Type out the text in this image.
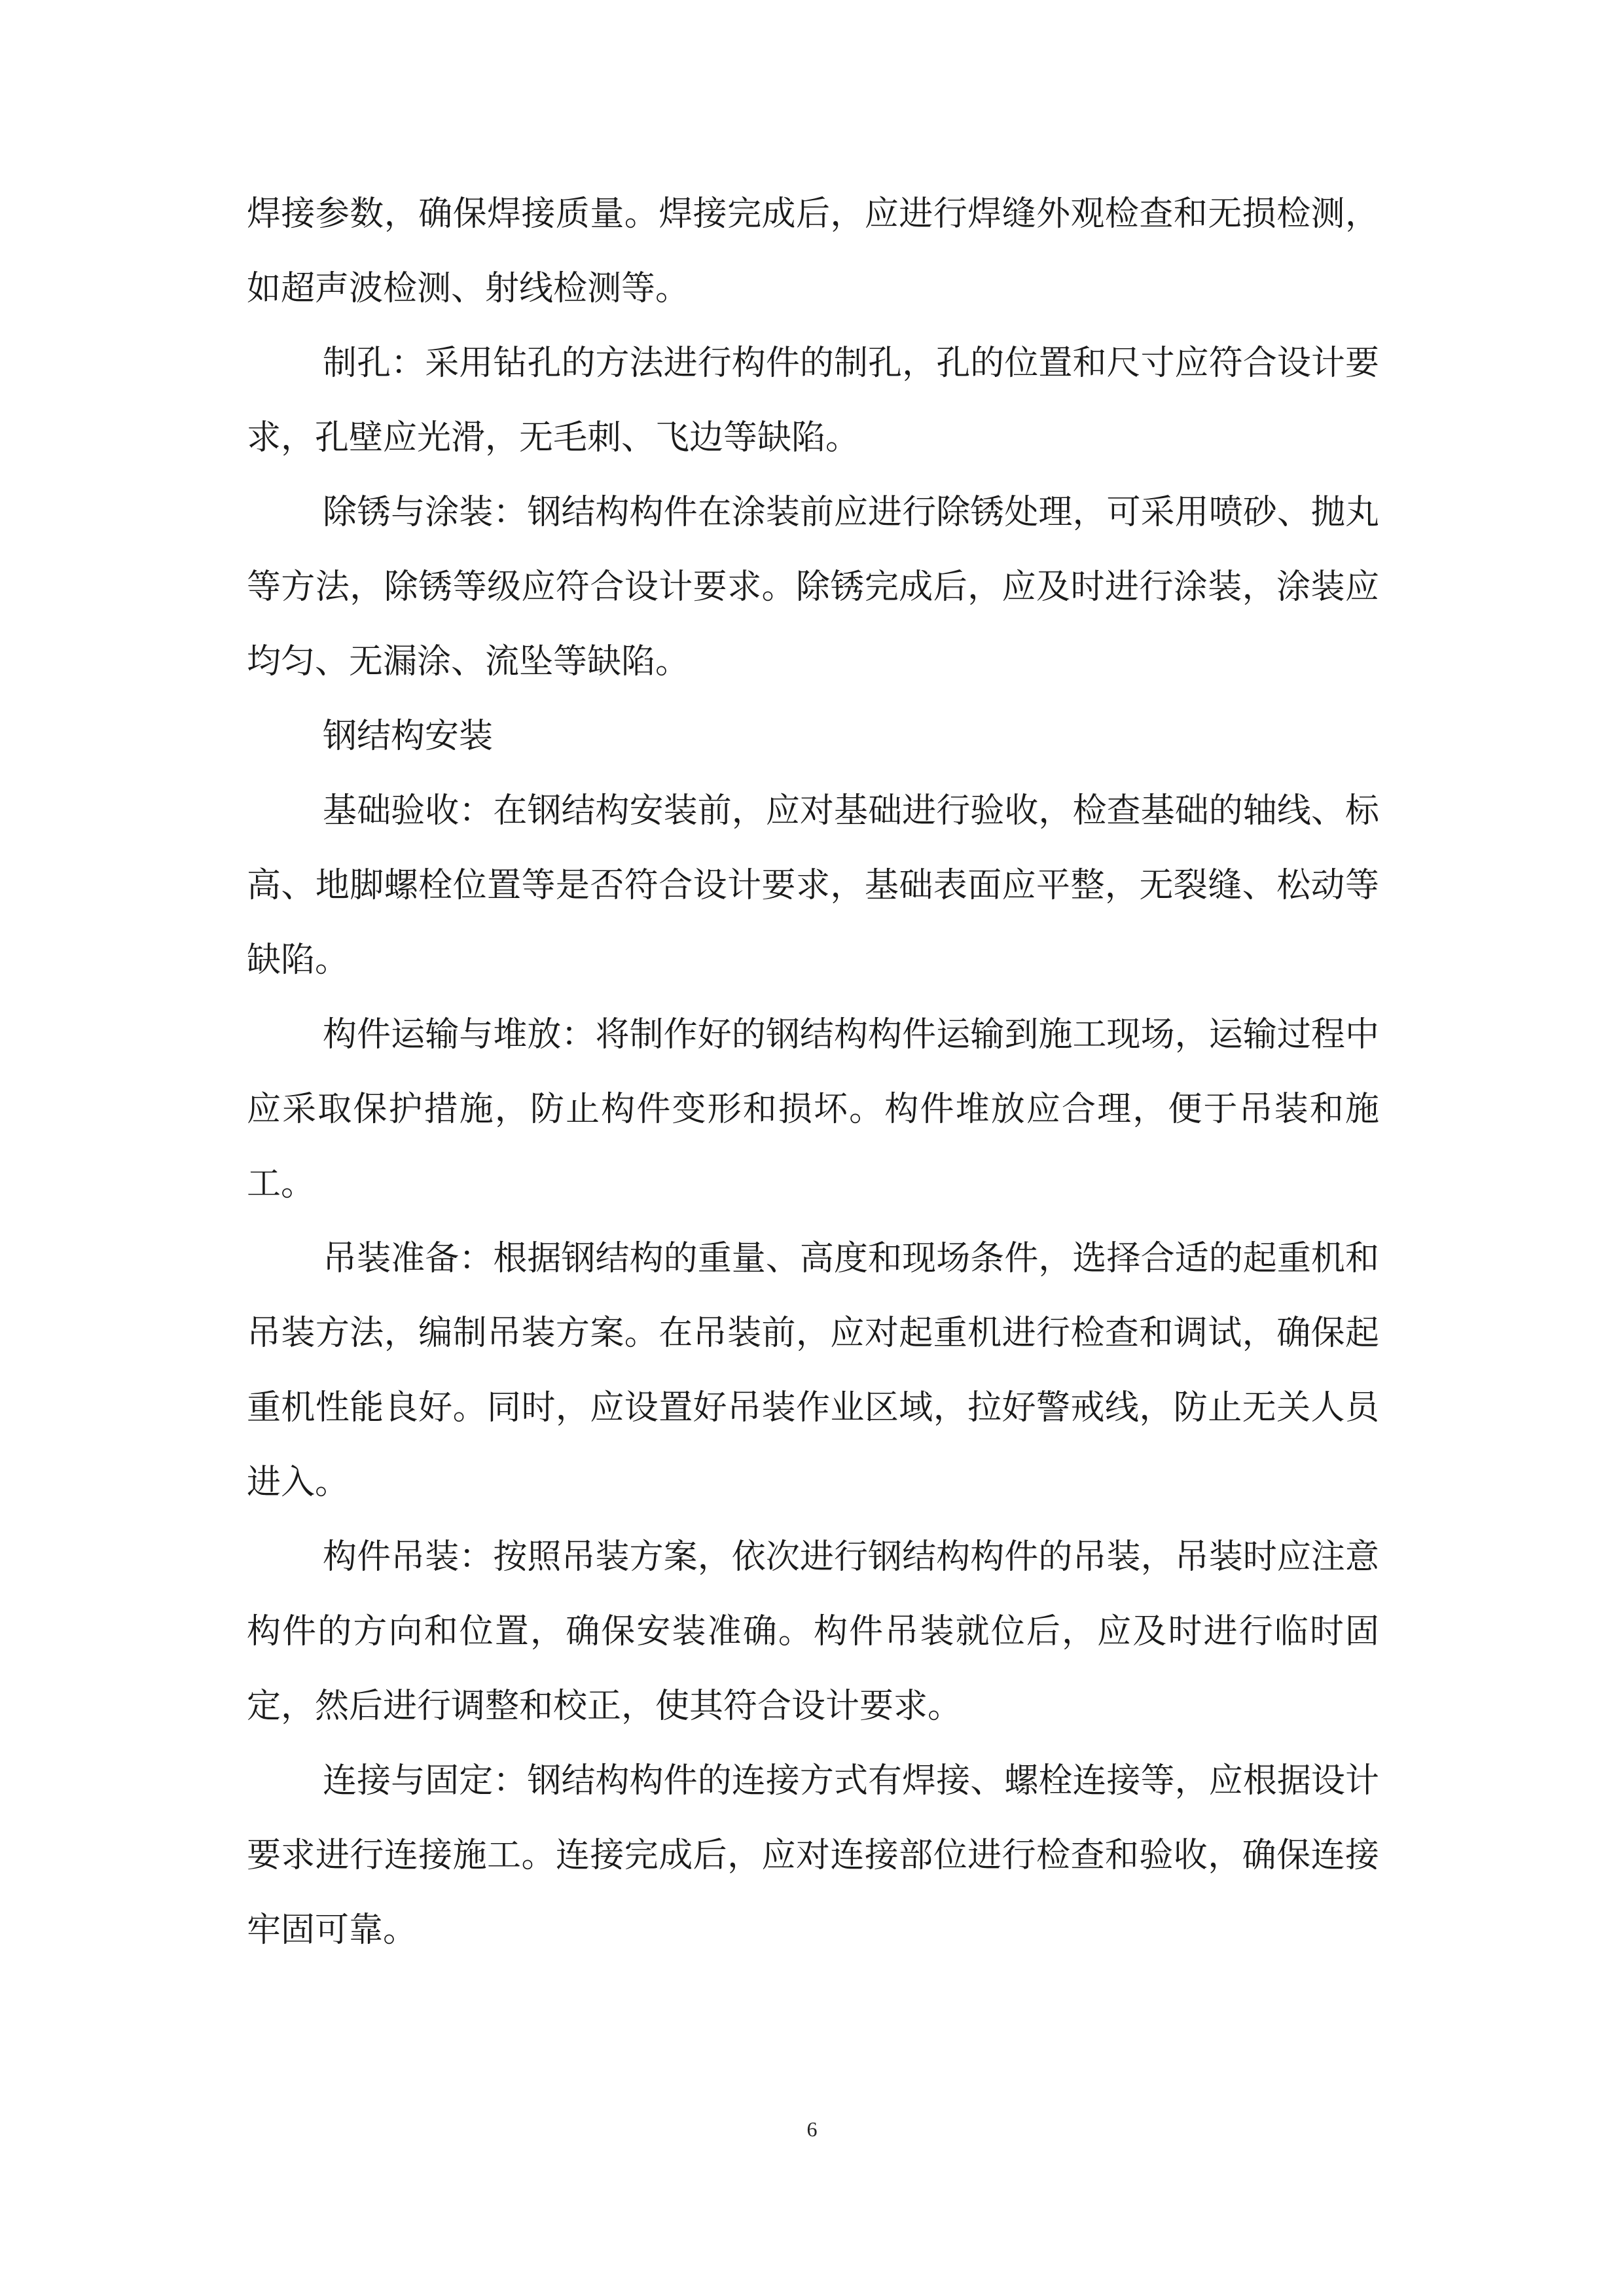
焊接参数，确保焊接质量。焊接完成后，应进行焊缝外观检查和无损检测，如超声波检测、射线检测等。

制孔：采用钻孔的方法进行构件的制孔，孔的位置和尺寸应符合设计要求，孔壁应光滑，无毛刺、飞边等缺陷。

除锈与涂装：钢结构构件在涂装前应进行除锈处理，可采用喷砂、抛丸等方法，除锈等级应符合设计要求。除锈完成后，应及时进行涂装，涂装应均匀、无漏涂、流坠等缺陷。

钢结构安装

基础验收：在钢结构安装前，应对基础进行验收，检查基础的轴线、标高、地脚螺栓位置等是否符合设计要求，基础表面应平整，无裂缝、松动等缺陷。

构件运输与堆放：将制作好的钢结构构件运输到施工现场，运输过程中应采取保护措施，防止构件变形和损坏。构件堆放应合理，便于吊装和施工。

吊装准备：根据钢结构的重量、高度和现场条件，选择合适的起重机和吊装方法，编制吊装方案。在吊装前，应对起重机进行检查和调试，确保起重机性能良好。同时，应设置好吊装作业区域，拉好警戒线，防止无关人员进入。

构件吊装：按照吊装方案，依次进行钢结构构件的吊装，吊装时应注意构件的方向和位置，确保安装准确。构件吊装就位后，应及时进行临时固定，然后进行调整和校正，使其符合设计要求。

连接与固定：钢结构构件的连接方式有焊接、螺栓连接等，应根据设计要求进行连接施工。连接完成后，应对连接部位进行检查和验收，确保连接牢固可靠。

6
